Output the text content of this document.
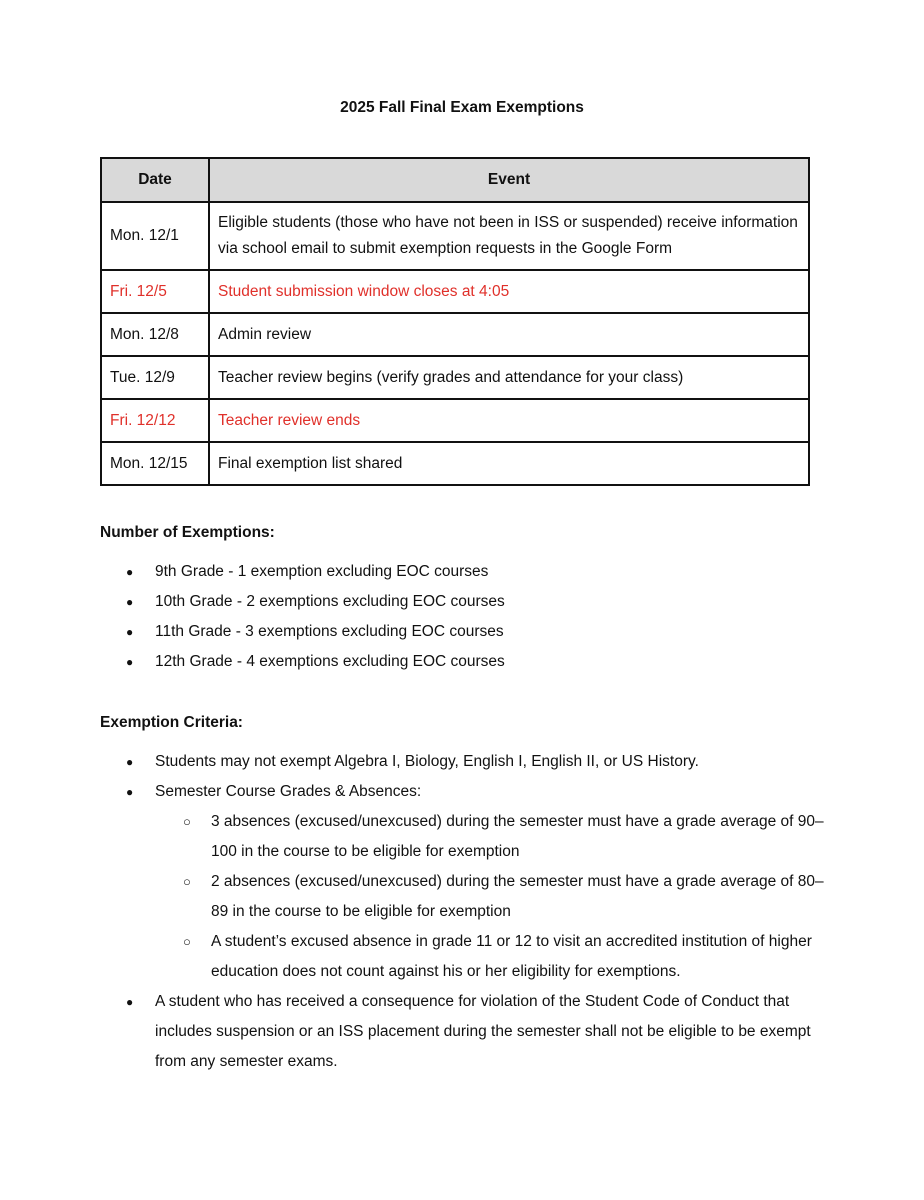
2025 Fall Final Exam Exemptions
Date	Event
Mon. 12/1	Eligible students (those who have not been in ISS or suspended) receive information via school email to submit exemption requests in the Google Form
Fri. 12/5	Student submission window closes at 4:05
Mon. 12/8	Admin review
Tue. 12/9	Teacher review begins (verify grades and attendance for your class)
Fri. 12/12	Teacher review ends
Mon. 12/15	Final exemption list shared
Number of Exemptions:
● 9th Grade - 1 exemption excluding EOC courses
● 10th Grade - 2 exemptions excluding EOC courses
● 11th Grade - 3 exemptions excluding EOC courses
● 12th Grade - 4 exemptions excluding EOC courses
Exemption Criteria:
● Students may not exempt Algebra I, Biology, English I, English II, or US History.
● Semester Course Grades & Absences:
○ 3 absences (excused/unexcused) during the semester must have a grade average of 90–100 in the course to be eligible for exemption
○ 2 absences (excused/unexcused) during the semester must have a grade average of 80–89 in the course to be eligible for exemption
○ A student’s excused absence in grade 11 or 12 to visit an accredited institution of higher education does not count against his or her eligibility for exemptions.
● A student who has received a consequence for violation of the Student Code of Conduct that includes suspension or an ISS placement during the semester shall not be eligible to be exempt from any semester exams.
